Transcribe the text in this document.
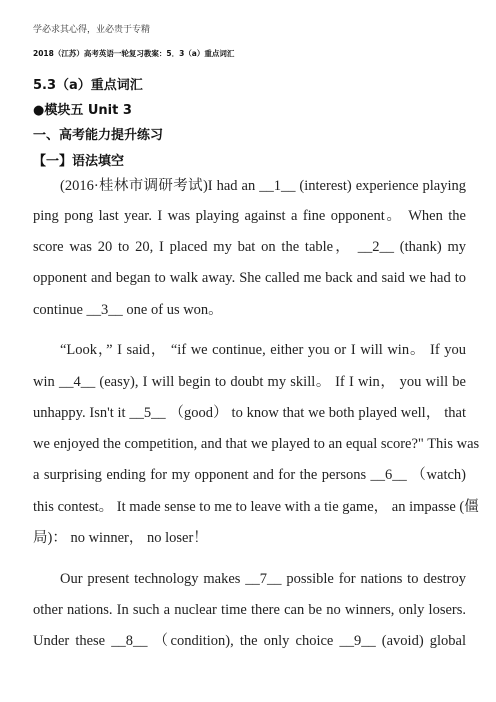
学必求其心得，业必贵于专精
2018（江苏）高考英语一轮复习教案：5．3（a）重点词汇
5.3（a）重点词汇
●模块五 Unit 3
一、高考能力提升练习
【一】语法填空
(2016·桂林市调研考试)I had an __1__ (interest) experience playing
ping pong last year. I was playing against a fine opponent。 When the
score was 20 to 20, I placed my bat on the table， __2__ (thank) my
opponent and began to walk away. She called me back and said we had to
continue __3__ one of us won。
“Look，” I said， “if we continue, either you or I will win。 If you
win __4__ (easy), I will begin to doubt my skill。 If I win， you will be
unhappy. Isn't it __5__ （good） to know that we both played well， that
we enjoyed the competition, and that we played to an equal score?" This was
a surprising ending for my opponent and for the persons __6__ （watch)
this contest。 It made sense to me to leave with a tie game， an impasse (僵
局)： no winner， no loser！
Our present technology makes __7__ possible for nations to destroy
other nations. In such a nuclear time there can be no winners, only losers.
Under these __8__ （condition), the only choice __9__ (avoid) global
